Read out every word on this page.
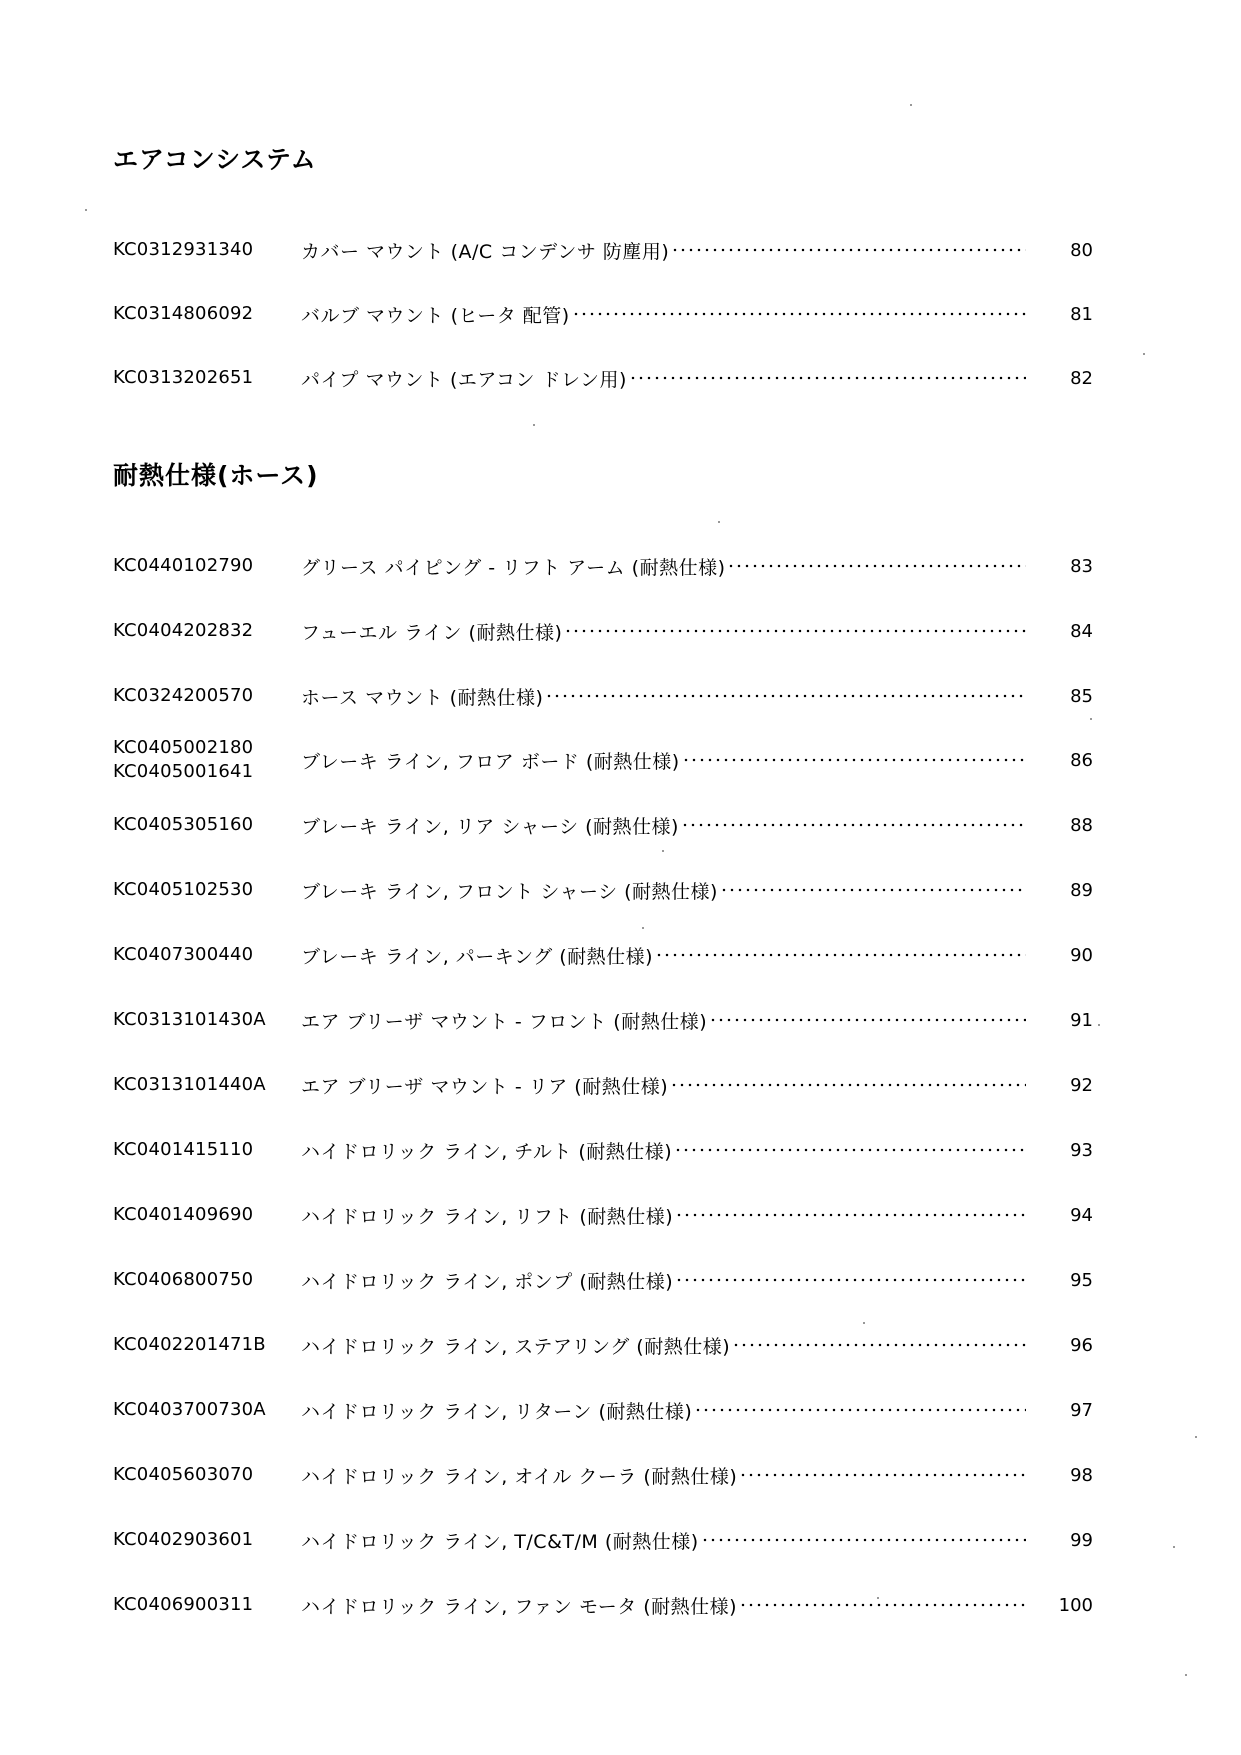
エアコンシステム
KC0312931340	カバー マウント (A/C コンデンサ 防塵用)	80
KC0314806092	バルブ マウント (ヒータ 配管)	81
KC0313202651	パイプ マウント (エアコン ドレン用)	82
耐熱仕様(ホース)
KC0440102790	グリース パイピング - リフト アーム (耐熱仕様)	83
KC0404202832	フューエル ライン (耐熱仕様)	84
KC0324200570	ホース マウント (耐熱仕様)	85
KC0405002180
KC0405001641	ブレーキ ライン, フロア ボード (耐熱仕様)	86
KC0405305160	ブレーキ ライン, リア シャーシ (耐熱仕様)	88
KC0405102530	ブレーキ ライン, フロント シャーシ (耐熱仕様)	89
KC0407300440	ブレーキ ライン, パーキング (耐熱仕様)	90
KC0313101430A	エア ブリーザ マウント - フロント (耐熱仕様)	91
KC0313101440A	エア ブリーザ マウント - リア (耐熱仕様)	92
KC0401415110	ハイドロリック ライン, チルト (耐熱仕様)	93
KC0401409690	ハイドロリック ライン, リフト (耐熱仕様)	94
KC0406800750	ハイドロリック ライン, ポンプ (耐熱仕様)	95
KC0402201471B	ハイドロリック ライン, ステアリング (耐熱仕様)	96
KC0403700730A	ハイドロリック ライン, リターン (耐熱仕様)	97
KC0405603070	ハイドロリック ライン, オイル クーラ (耐熱仕様)	98
KC0402903601	ハイドロリック ライン, T/C&T/M (耐熱仕様)	99
KC0406900311	ハイドロリック ライン, ファン モータ (耐熱仕様)	100
